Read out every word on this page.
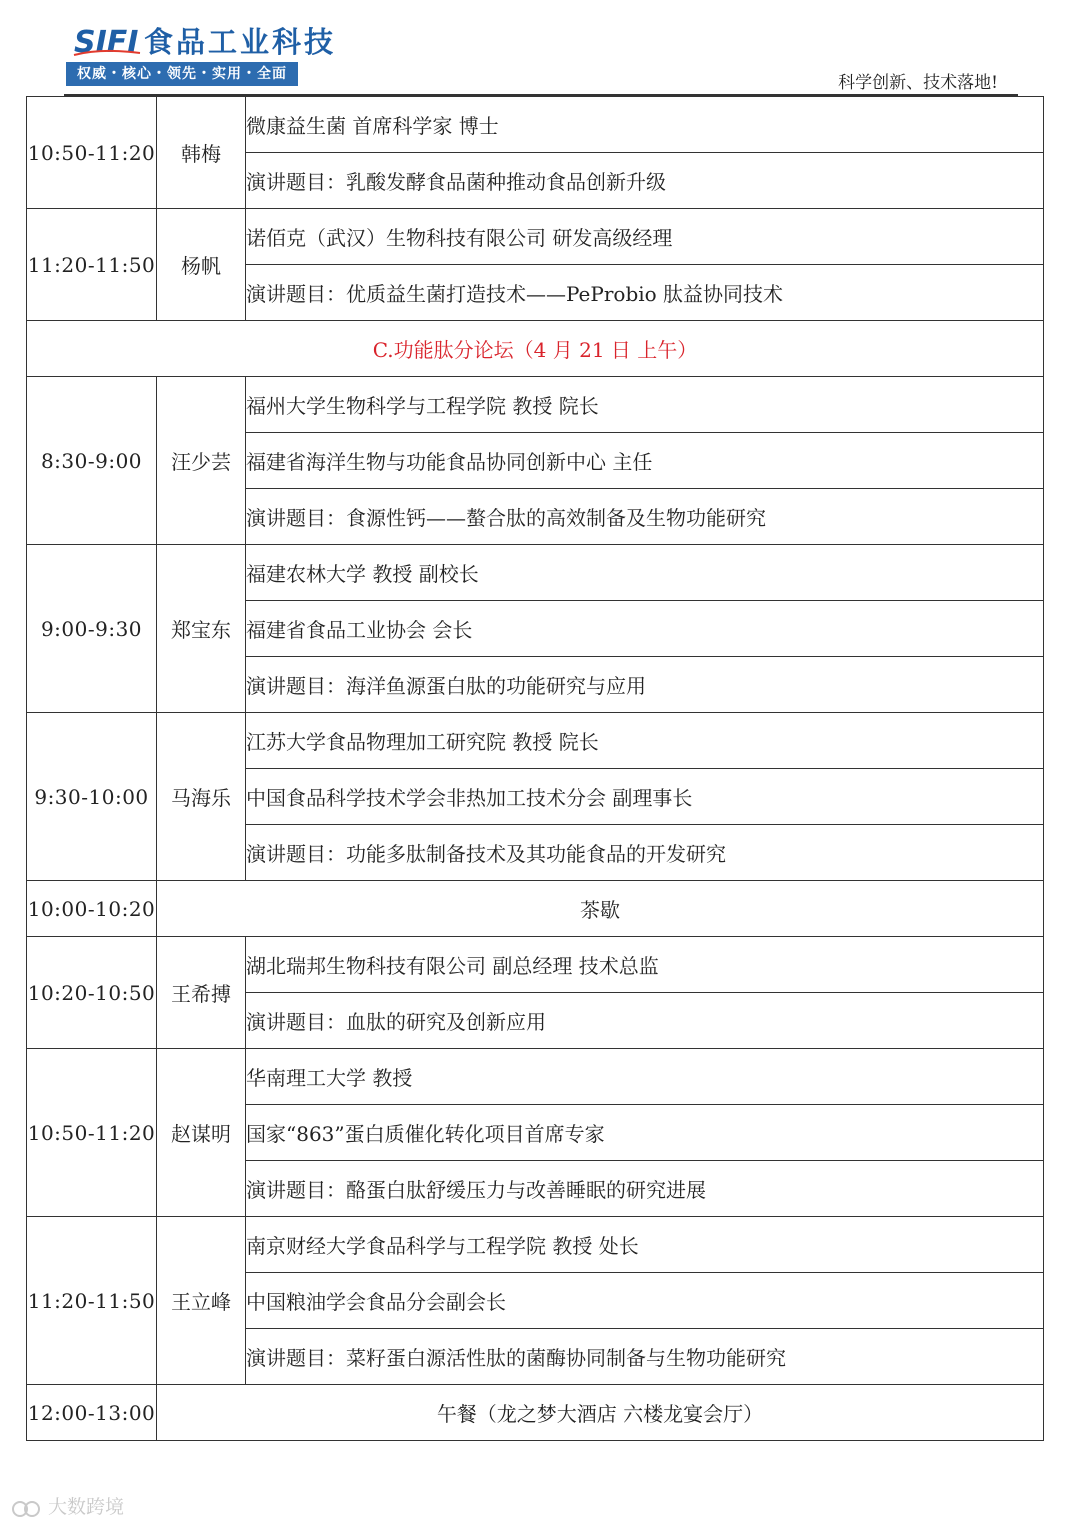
SIFI 食品工业科技
权威・核心・领先・实用・全面	科学创新、技术落地!
10:50-11:20	韩梅	微康益生菌 首席科学家 博士
		演讲题目：乳酸发酵食品菌种推动食品创新升级
11:20-11:50	杨帆	诺佰克（武汉）生物科技有限公司 研发高级经理
		演讲题目：优质益生菌打造技术——PeProbio 肽益协同技术
C.功能肽分论坛（4 月 21 日 上午）		
8:30-9:00	汪少芸	福州大学生物科学与工程学院 教授 院长
		福建省海洋生物与功能食品协同创新中心 主任
		演讲题目：食源性钙——螯合肽的高效制备及生物功能研究
9:00-9:30	郑宝东	福建农林大学 教授 副校长
		福建省食品工业协会 会长
		演讲题目：海洋鱼源蛋白肽的功能研究与应用
9:30-10:00	马海乐	江苏大学食品物理加工研究院 教授 院长
		中国食品科学技术学会非热加工技术分会 副理事长
		演讲题目：功能多肽制备技术及其功能食品的开发研究
10:00-10:20	茶歇	
10:20-10:50	王希搏	湖北瑞邦生物科技有限公司 副总经理 技术总监
		演讲题目：血肽的研究及创新应用
10:50-11:20	赵谋明	华南理工大学 教授
		国家“863”蛋白质催化转化项目首席专家
		演讲题目：酪蛋白肽舒缓压力与改善睡眠的研究进展
11:20-11:50	王立峰	南京财经大学食品科学与工程学院 教授 处长
		中国粮油学会食品分会副会长
		演讲题目：菜籽蛋白源活性肽的菌酶协同制备与生物功能研究
12:00-13:00	午餐（龙之梦大酒店 六楼龙宴会厅）	
大数跨境
